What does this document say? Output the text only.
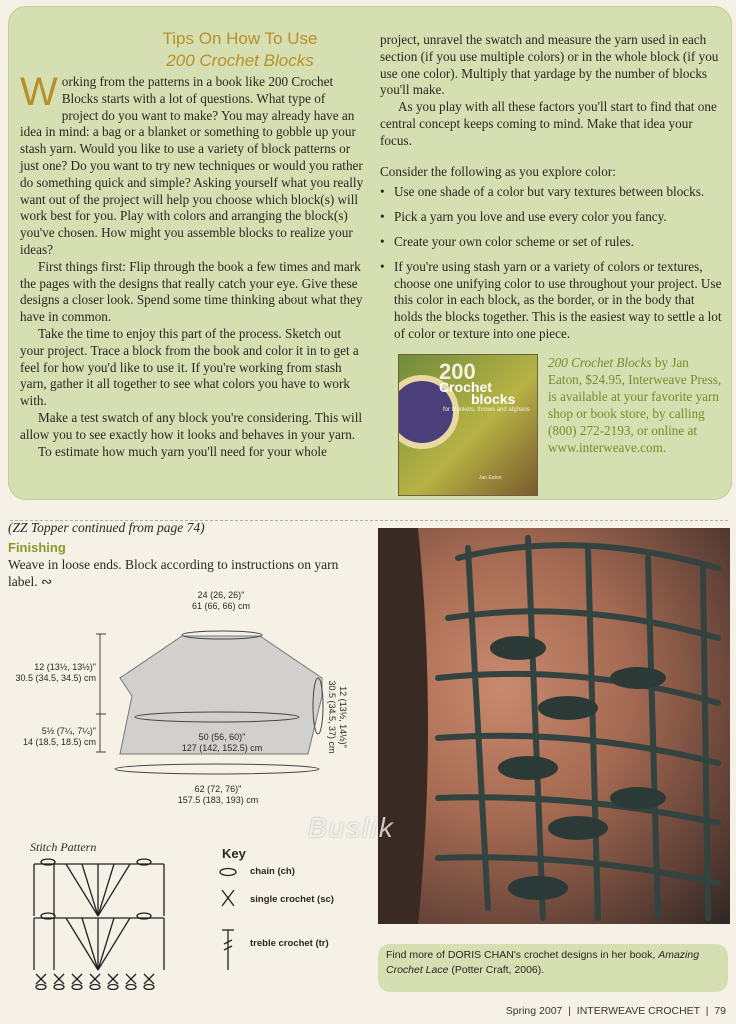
Tips On How To Use
200 Crochet Blocks

Working from the patterns in a book like 200 Crochet Blocks starts with a lot of questions. What type of project do you want to make? You may already have an idea in mind: a bag or a blanket or something to gobble up your stash yarn. Would you like to use a variety of block patterns or just one? Do you want to try new techniques or would you rather do something quick and simple? Asking yourself what you really want out of the project will help you choose which block(s) will work best for you. Play with colors and arranging the block(s) you've chosen. How might you assemble blocks to realize your ideas?

First things first: Flip through the book a few times and mark the pages with the designs that really catch your eye. Give these designs a closer look. Spend some time thinking about what they have in common.

Take the time to enjoy this part of the process. Sketch out your project. Trace a block from the book and color it in to get a feel for how you'd like to use it. If you're working from stash yarn, gather it all together to see what colors you have to work with.

Make a test swatch of any block you're considering. This will allow you to see exactly how it looks and behaves in your yarn.

To estimate how much yarn you'll need for your whole

project, unravel the swatch and measure the yarn used in each section (if you use multiple colors) or in the whole block (if you use one color). Multiply that yardage by the number of blocks you'll make.

As you play with all these factors you'll start to find that one central concept keeps coming to mind. Make that idea your focus.

Consider the following as you explore color:

• Use one shade of a color but vary textures between blocks.
• Pick a yarn you love and use every color you fancy.
• Create your own color scheme or set of rules.
• If you're using stash yarn or a variety of colors or textures, choose one unifying color to use throughout your project. Use this color in each block, as the border, or in the body that holds the blocks together. This is the easiest way to settle a lot of color or texture into one piece.
200
Crochet
blocks
for blankets, throws and afghans
Jan Eaton
200 Crochet Blocks by Jan Eaton, $24.95, Interweave Press, is available at your favorite yarn shop or book store, by calling (800) 272-2193, or online at www.interweave.com.
(ZZ Topper continued from page 74)
Finishing
Weave in loose ends. Block according to instructions on yarn label. ∾
24 (26, 26)"
61 (66, 66) cm
12 (13½, 13½)"
30.5 (34.5, 34.5) cm
5½ (7¼, 7¼)"
14 (18.5, 18.5) cm	50 (56, 60)"
127 (142, 152.5) cm
62 (72, 76)"
157.5 (183, 193) cm
12 (13½, 14½)"
30.5 (34.5, 37) cm
Stitch Pattern	Key
chain (ch)
single crochet (sc)
treble crochet (tr)
Buslik
Find more of DORIS CHAN's crochet designs in her book, Amazing Crochet Lace (Potter Craft, 2006).
Spring 2007  |  INTERWEAVE CROCHET  |  79
